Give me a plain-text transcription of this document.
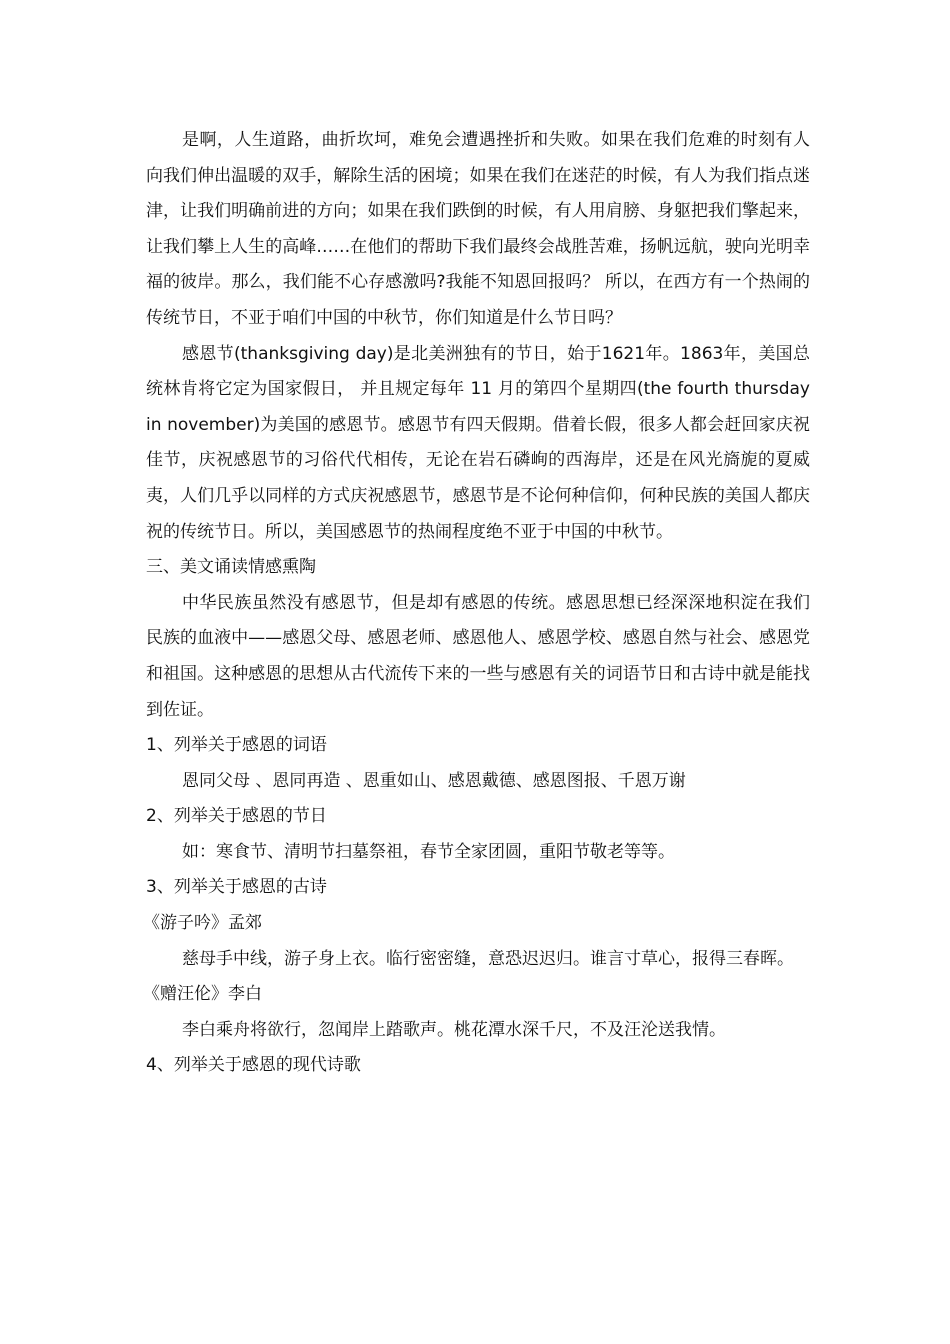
是啊，人生道路，曲折坎坷，难免会遭遇挫折和失败。如果在我们危难的时刻有人向我们伸出温暖的双手，解除生活的困境；如果在我们在迷茫的时候，有人为我们指点迷津，让我们明确前进的方向；如果在我们跌倒的时候，有人用肩膀、身躯把我们擎起来，让我们攀上人生的高峰……在他们的帮助下我们最终会战胜苦难，扬帆远航，驶向光明幸福的彼岸。那么，我们能不心存感激吗?我能不知恩回报吗？ 所以，在西方有一个热闹的传统节日，不亚于咱们中国的中秋节，你们知道是什么节日吗？

感恩节(thanksgiving day)是北美洲独有的节日，始于1621年。1863年，美国总统林肯将它定为国家假日， 并且规定每年 11 月的第四个星期四(the fourth thursday in november)为美国的感恩节。感恩节有四天假期。借着长假，很多人都会赶回家庆祝佳节，庆祝感恩节的习俗代代相传，无论在岩石磷峋的西海岸，还是在风光旖旎的夏威夷，人们几乎以同样的方式庆祝感恩节，感恩节是不论何种信仰，何种民族的美国人都庆祝的传统节日。所以，美国感恩节的热闹程度绝不亚于中国的中秋节。

三、美文诵读情感熏陶

中华民族虽然没有感恩节，但是却有感恩的传统。感恩思想已经深深地积淀在我们民族的血液中——感恩父母、感恩老师、感恩他人、感恩学校、感恩自然与社会、感恩党和祖国。这种感恩的思想从古代流传下来的一些与感恩有关的词语节日和古诗中就是能找到佐证。

1、列举关于感恩的词语

恩同父母 、恩同再造 、恩重如山、感恩戴德、感恩图报、千恩万谢

2、列举关于感恩的节日

如：寒食节、清明节扫墓祭祖，春节全家团圆，重阳节敬老等等。

3、列举关于感恩的古诗

《游子吟》孟郊

慈母手中线，游子身上衣。临行密密缝，意恐迟迟归。谁言寸草心，报得三春晖。

《赠汪伦》李白

李白乘舟将欲行，忽闻岸上踏歌声。桃花潭水深千尺，不及汪沦送我情。

4、列举关于感恩的现代诗歌
